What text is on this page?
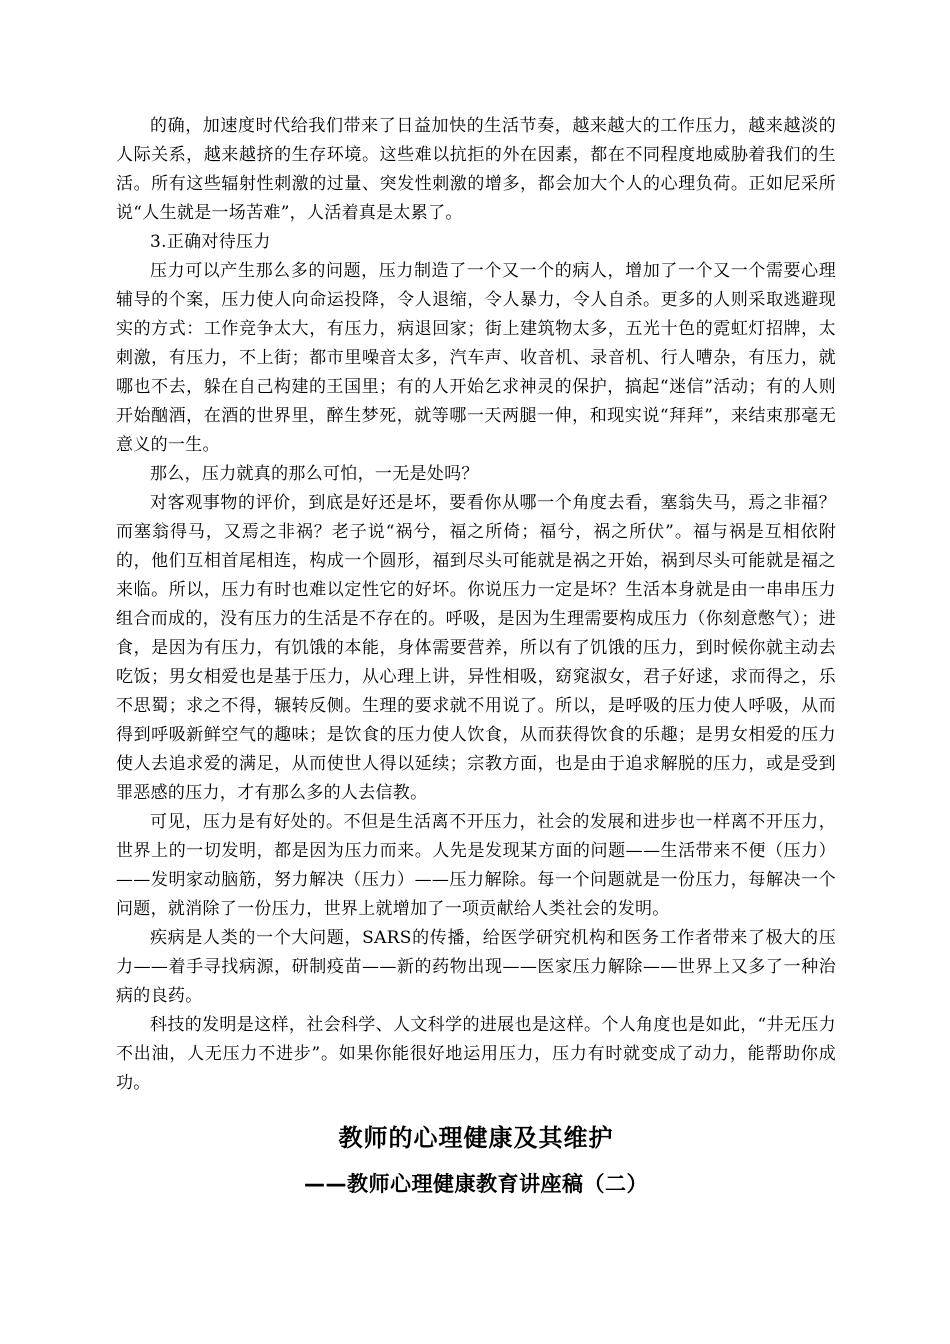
的确，加速度时代给我们带来了日益加快的生活节奏，越来越大的工作压力，越来越淡的人际关系，越来越挤的生存环境。这些难以抗拒的外在因素，都在不同程度地威胁着我们的生活。所有这些辐射性刺激的过量、突发性刺激的增多，都会加大个人的心理负荷。正如尼采所说“人生就是一场苦难”，人活着真是太累了。

3.正确对待压力

压力可以产生那么多的问题，压力制造了一个又一个的病人，增加了一个又一个需要心理辅导的个案，压力使人向命运投降，令人退缩，令人暴力，令人自杀。更多的人则采取逃避现实的方式：工作竞争太大，有压力，病退回家；街上建筑物太多，五光十色的霓虹灯招牌，太刺激，有压力，不上街；都市里噪音太多，汽车声、收音机、录音机、行人嘈杂，有压力，就哪也不去，躲在自己构建的王国里；有的人开始乞求神灵的保护，搞起“迷信”活动；有的人则开始酗酒，在酒的世界里，醉生梦死，就等哪一天两腿一伸，和现实说“拜拜”，来结束那毫无意义的一生。

那么，压力就真的那么可怕，一无是处吗？

对客观事物的评价，到底是好还是坏，要看你从哪一个角度去看，塞翁失马，焉之非福？而塞翁得马，又焉之非祸？老子说“祸兮，福之所倚；福兮，祸之所伏”。福与祸是互相依附的，他们互相首尾相连，构成一个圆形，福到尽头可能就是祸之开始，祸到尽头可能就是福之来临。所以，压力有时也难以定性它的好坏。你说压力一定是坏？生活本身就是由一串串压力组合而成的，没有压力的生活是不存在的。呼吸，是因为生理需要构成压力（你刻意憋气）；进食，是因为有压力，有饥饿的本能，身体需要营养，所以有了饥饿的压力，到时候你就主动去吃饭；男女相爱也是基于压力，从心理上讲，异性相吸，窈窕淑女，君子好逑，求而得之，乐不思蜀；求之不得，辗转反侧。生理的要求就不用说了。所以，是呼吸的压力使人呼吸，从而得到呼吸新鲜空气的趣味；是饮食的压力使人饮食，从而获得饮食的乐趣；是男女相爱的压力使人去追求爱的满足，从而使世人得以延续；宗教方面，也是由于追求解脱的压力，或是受到罪恶感的压力，才有那么多的人去信教。

可见，压力是有好处的。不但是生活离不开压力，社会的发展和进步也一样离不开压力，世界上的一切发明，都是因为压力而来。人先是发现某方面的问题——生活带来不便（压力）——发明家动脑筋，努力解决（压力）——压力解除。每一个问题就是一份压力，每解决一个问题，就消除了一份压力，世界上就增加了一项贡献给人类社会的发明。

疾病是人类的一个大问题，SARS的传播，给医学研究机构和医务工作者带来了极大的压力——着手寻找病源，研制疫苗——新的药物出现——医家压力解除——世界上又多了一种治病的良药。

科技的发明是这样，社会科学、人文科学的进展也是这样。个人角度也是如此，“井无压力不出油，人无压力不进步”。如果你能很好地运用压力，压力有时就变成了动力，能帮助你成功。

教师的心理健康及其维护
——教师心理健康教育讲座稿（二）
